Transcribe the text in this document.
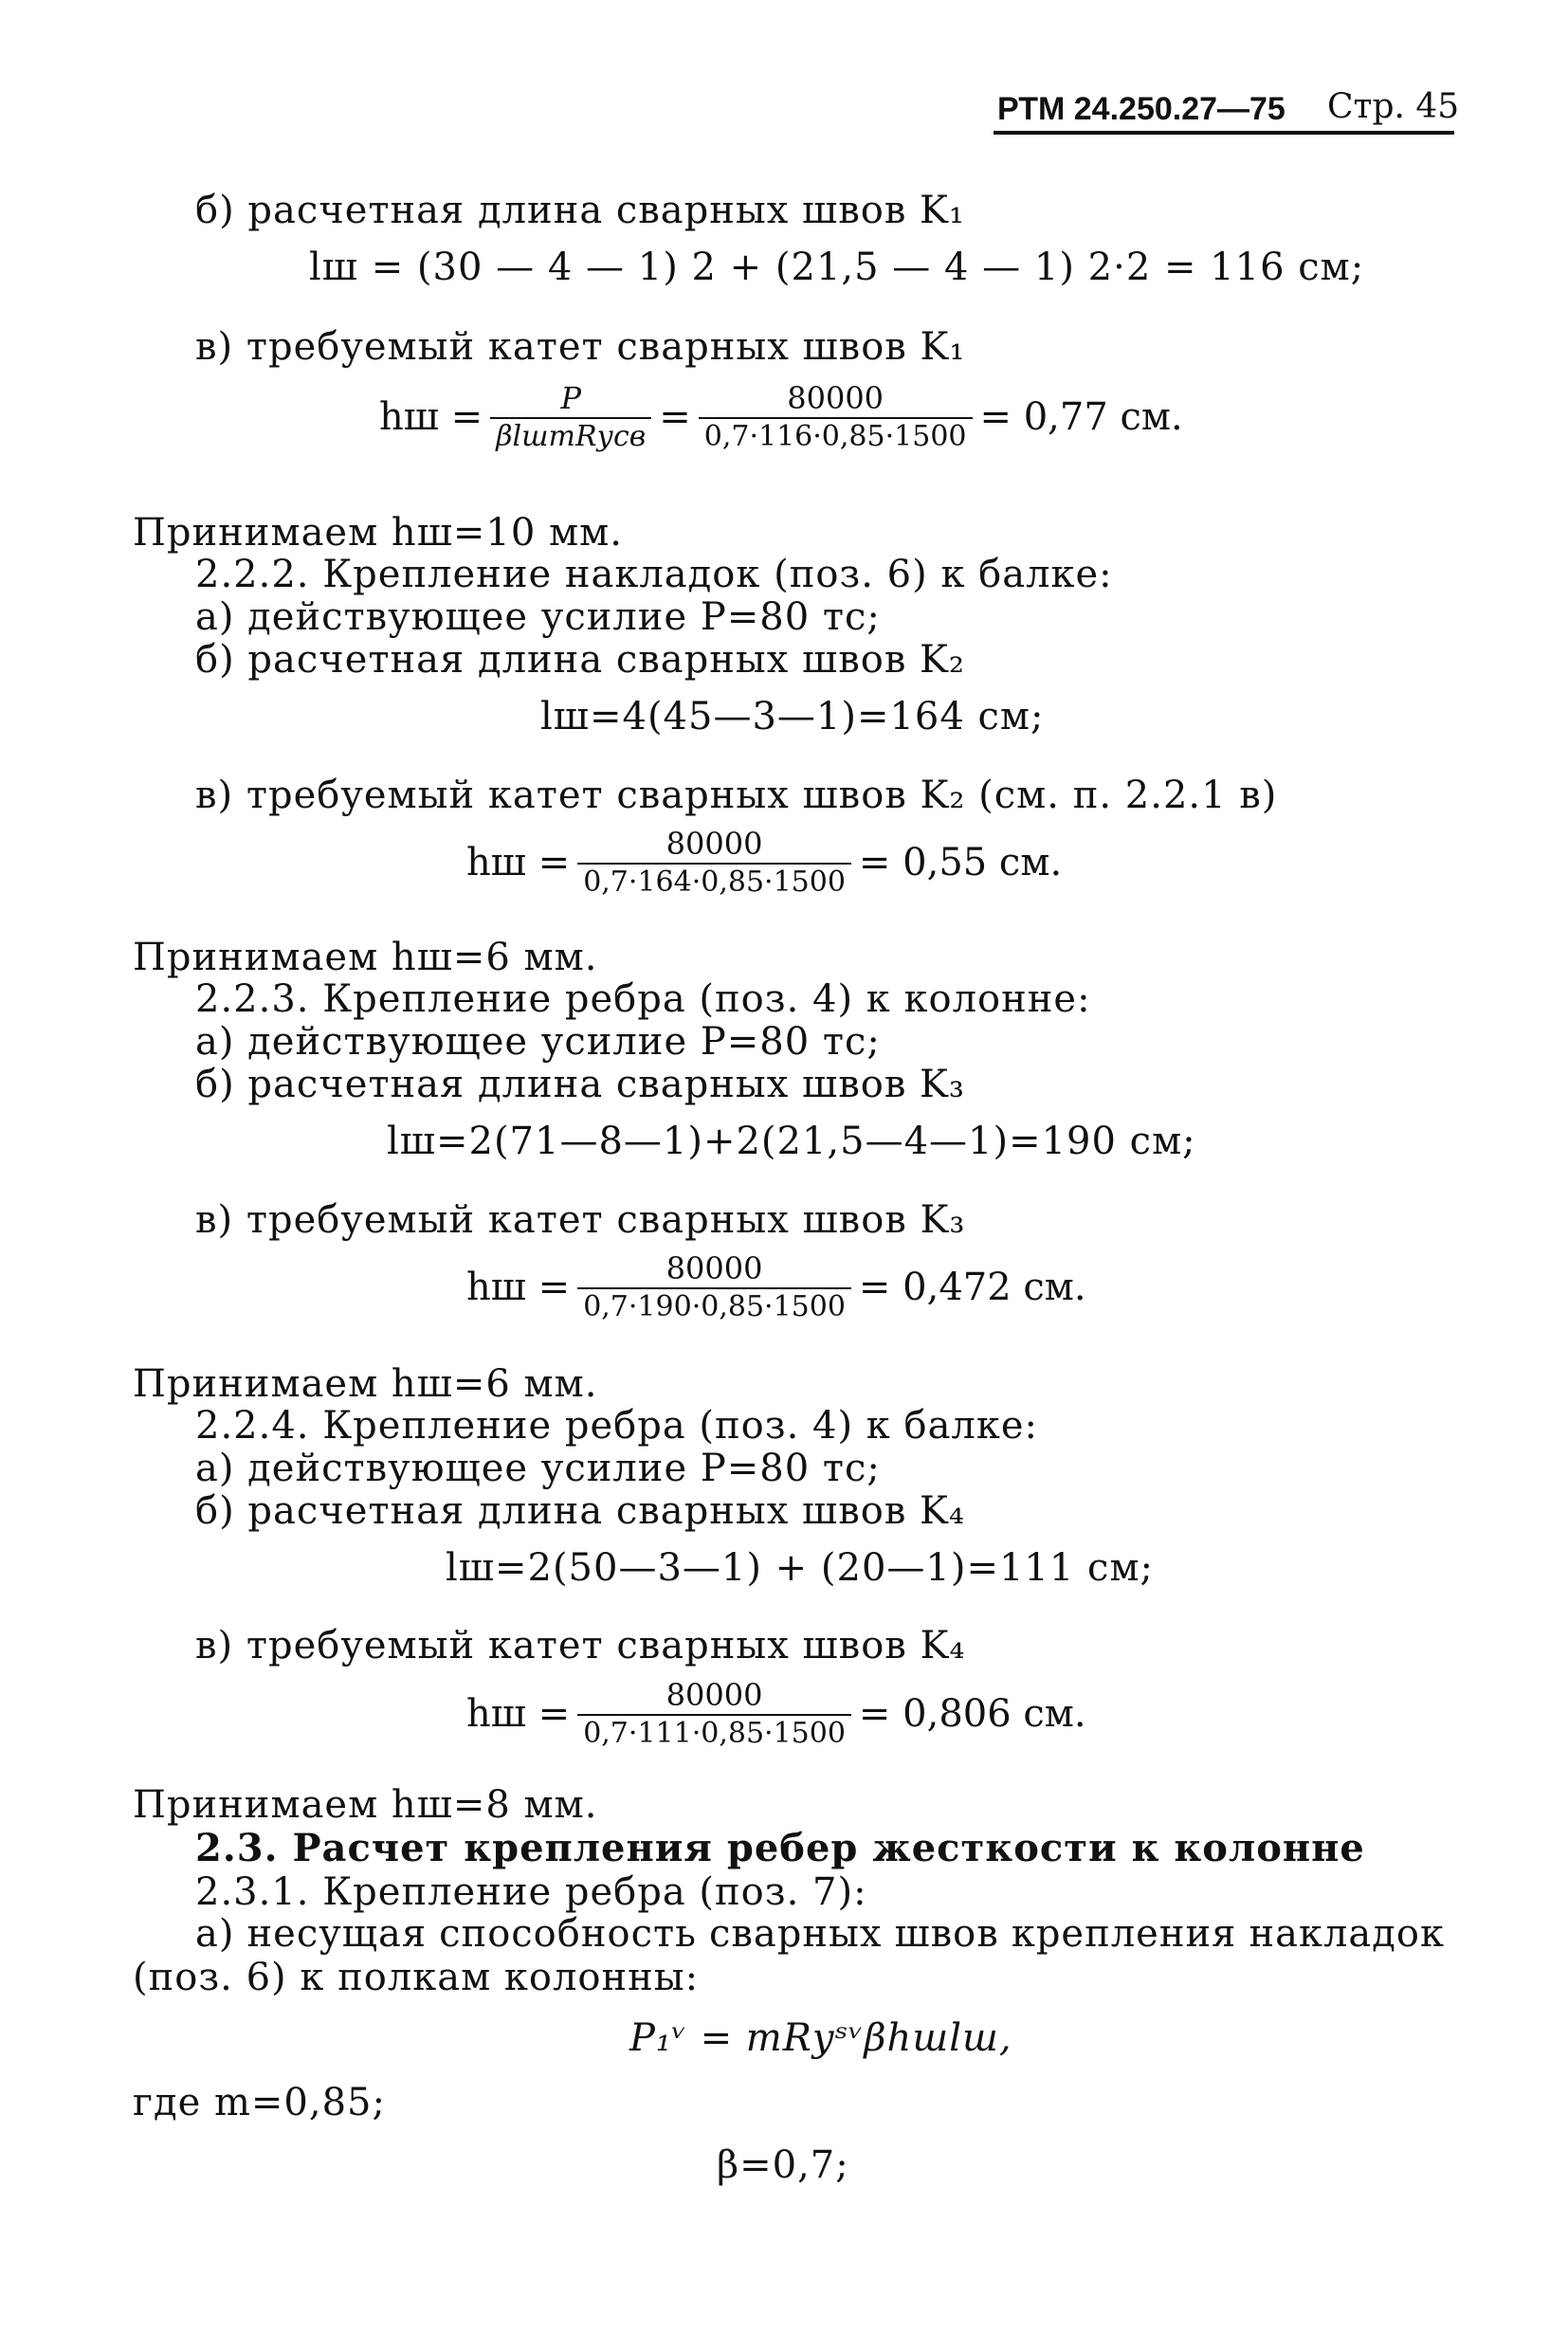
РТМ 24.250.27—75 Стр. 45
б) расчетная длина сварных швов K₁
lш = (30 — 4 — 1) 2 + (21,5 — 4 — 1) 2·2 = 116 см;
в) требуемый катет сварных швов K₁
hш = $\frac{P}{\text{βlшmRусв}} = \frac{80000}{0,7\cdot 116\cdot 0,85\cdot 1500} = 0,77$ см.
Принимаем hш=10 мм.
2.2.2. Крепление накладок (поз. 6) к балке:
а) действующее усилие P=80 тс;
б) расчетная длина сварных швов K₂
lш=4(45—3—1)=164 см;
в) требуемый катет сварных швов K₂ (см. п. 2.2.1 в)
hш = $\frac{80000}{0,7\cdot 164\cdot 0,85\cdot 1500} = 0,55$ см.
Принимаем hш=6 мм.
2.2.3. Крепление ребра (поз. 4) к колонне:
а) действующее усилие P=80 тс;
б) расчетная длина сварных швов K₃
lш=2(71—8—1)+2(21,5—4—1)=190 см;
в) требуемый катет сварных швов K₃
hш = $\frac{80000}{0,7\cdot 190\cdot 0,85\cdot 1500} = 0,472$ см.
Принимаем hш=6 мм.
2.2.4. Крепление ребра (поз. 4) к балке:
а) действующее усилие P=80 тс;
б) расчетная длина сварных швов K₄
lш=2(50—3—1) + (20—1)=111 см;
в) требуемый катет сварных швов K₄
hш = $\frac{80000}{0,7\cdot 111\cdot 0,85\cdot 1500} = 0,806$ см.
Принимаем hш=8 мм.
2.3. Расчет крепления ребер жесткости к колонне
2.3.1. Крепление ребра (поз. 7):
а) несущая способность сварных швов крепления накладок
(поз. 6) к полкам колонны:
P₁ᵛ = mRуˢᵛβhшlш,
где m=0,85;
β=0,7;
